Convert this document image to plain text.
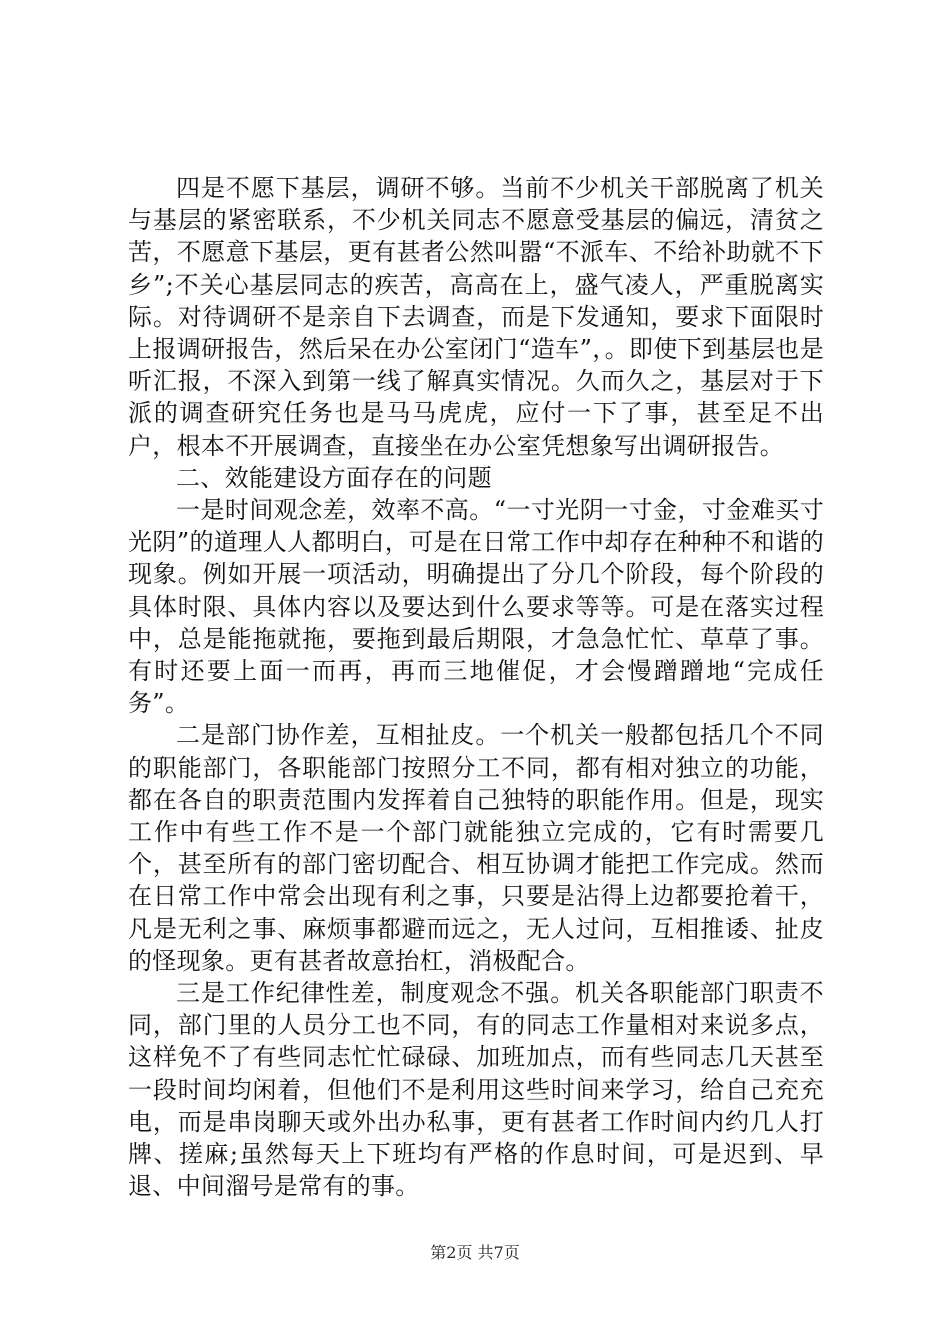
四是不愿下基层，调研不够。当前不少机关干部脱离了机关与基层的紧密联系，不少机关同志不愿意受基层的偏远，清贫之苦，不愿意下基层，更有甚者公然叫嚣“不派车、不给补助就不下乡”;不关心基层同志的疾苦，高高在上，盛气凌人，严重脱离实际。对待调研不是亲自下去调查，而是下发通知，要求下面限时上报调研报告，然后呆在办公室闭门“造车”，。即使下到基层也是听汇报，不深入到第一线了解真实情况。久而久之，基层对于下派的调查研究任务也是马马虎虎，应付一下了事，甚至足不出户，根本不开展调查，直接坐在办公室凭想象写出调研报告。

二、效能建设方面存在的问题

一是时间观念差，效率不高。“一寸光阴一寸金，寸金难买寸光阴”的道理人人都明白，可是在日常工作中却存在种种不和谐的现象。例如开展一项活动，明确提出了分几个阶段，每个阶段的具体时限、具体内容以及要达到什么要求等等。可是在落实过程中，总是能拖就拖，要拖到最后期限，才急急忙忙、草草了事。有时还要上面一而再，再而三地催促，才会慢蹭蹭地“完成任务”。

二是部门协作差，互相扯皮。一个机关一般都包括几个不同的职能部门，各职能部门按照分工不同，都有相对独立的功能，都在各自的职责范围内发挥着自己独特的职能作用。但是，现实工作中有些工作不是一个部门就能独立完成的，它有时需要几个，甚至所有的部门密切配合、相互协调才能把工作完成。然而在日常工作中常会出现有利之事，只要是沾得上边都要抢着干，凡是无利之事、麻烦事都避而远之，无人过问，互相推诿、扯皮的怪现象。更有甚者故意抬杠，消极配合。

三是工作纪律性差，制度观念不强。机关各职能部门职责不同，部门里的人员分工也不同，有的同志工作量相对来说多点，这样免不了有些同志忙忙碌碌、加班加点，而有些同志几天甚至一段时间均闲着，但他们不是利用这些时间来学习，给自己充充电，而是串岗聊天或外出办私事，更有甚者工作时间内约几人打牌、搓麻;虽然每天上下班均有严格的作息时间，可是迟到、早退、中间溜号是常有的事。

第2页 共7页
